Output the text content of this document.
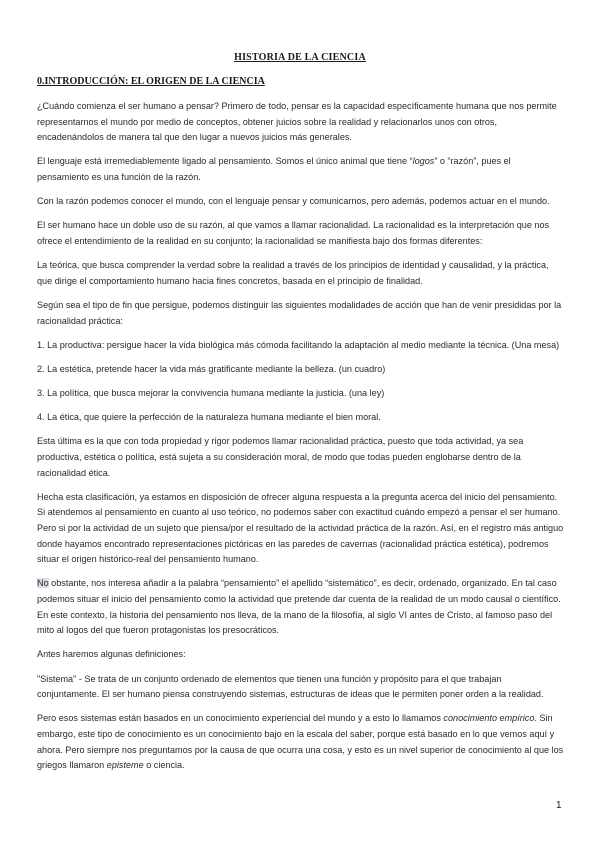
HISTORIA DE LA CIENCIA
0.INTRODUCCIÓN: EL ORIGEN DE LA CIENCIA

¿Cuándo comienza el ser humano a pensar? Primero de todo, pensar es la capacidad específicamente humana que nos permite representarnos el mundo por medio de conceptos, obtener juicios sobre la realidad y relacionarlos unos con otros, encadenándolos de manera tal que den lugar a nuevos juicios más generales.

El lenguaje está irremediablemente ligado al pensamiento. Somos el único animal que tiene “logos” o “razón”, pues el pensamiento es una función de la razón.

Con la razón podemos conocer el mundo, con el lenguaje pensar y comunicarnos, pero además, podemos actuar en el mundo.

El ser humano hace un doble uso de su razón, al que vamos a llamar racionalidad. La racionalidad es la interpretación que nos ofrece el entendimiento de la realidad en su conjunto; la racionalidad se manifiesta bajo dos formas diferentes:

La teórica, que busca comprender la verdad sobre la realidad a través de los principios de identidad y causalidad, y la práctica, que dirige el comportamiento humano hacia fines concretos, basada en el principio de finalidad.

Según sea el tipo de fin que persigue, podemos distinguir las siguientes modalidades de acción que han de venir presididas por la racionalidad práctica:

1. La productiva: persigue hacer la vida biológica más cómoda facilitando la adaptación al medio mediante la técnica. (Una mesa)

2. La estética, pretende hacer la vida más gratificante mediante la belleza. (un cuadro)

3. La política, que busca mejorar la convivencia humana mediante la justicia. (una ley)

4. La ética, que quiere la perfección de la naturaleza humana mediante el bien moral.

Esta última es la que con toda propiedad y rigor podemos llamar racionalidad práctica, puesto que toda actividad, ya sea productiva, estética o política, está sujeta a su consideración moral, de modo que todas pueden englobarse dentro de la racionalidad ética.

Hecha esta clasificación, ya estamos en disposición de ofrecer alguna respuesta a la pregunta acerca del inicio del pensamiento. Si atendemos al pensamiento en cuanto al uso teórico, no podemos saber con exactitud cuándo empezó a pensar el ser humano. Pero si por la actividad de un sujeto que piensa/por el resultado de la actividad práctica de la razón. Así, en el registro más antiguo donde hayamos encontrado representaciones pictóricas en las paredes de cavernas (racionalidad práctica estética), podremos situar el origen histórico-real del pensamiento humano.

No obstante, nos interesa añadir a la palabra “pensamiento” el apellido “sistemático”, es decir, ordenado, organizado. En tal caso podemos situar el inicio del pensamiento como la actividad que pretende dar cuenta de la realidad de un modo causal o científico. En este contexto, la historia del pensamiento nos lleva, de la mano de la filosofía, al siglo VI antes de Cristo, al famoso paso del mito al logos del que fueron protagonistas los presocráticos.

Antes haremos algunas definiciones:

"Sistema" - Se trata de un conjunto ordenado de elementos que tienen una función y propósito para el que trabajan conjuntamente. El ser humano piensa construyendo sistemas, estructuras de ideas que le permiten poner orden a la realidad.

Pero esos sistemas están basados en un conocimiento experiencial del mundo y a esto lo llamamos conocimiento empírico. Sin embargo, este tipo de conocimiento es un conocimiento bajo en la escala del saber, porque está basado en lo que vemos aquí y ahora. Pero siempre nos preguntamos por la causa de que ocurra una cosa, y esto es un nivel superior de conocimiento al que los griegos llamaron episteme o ciencia.

1
